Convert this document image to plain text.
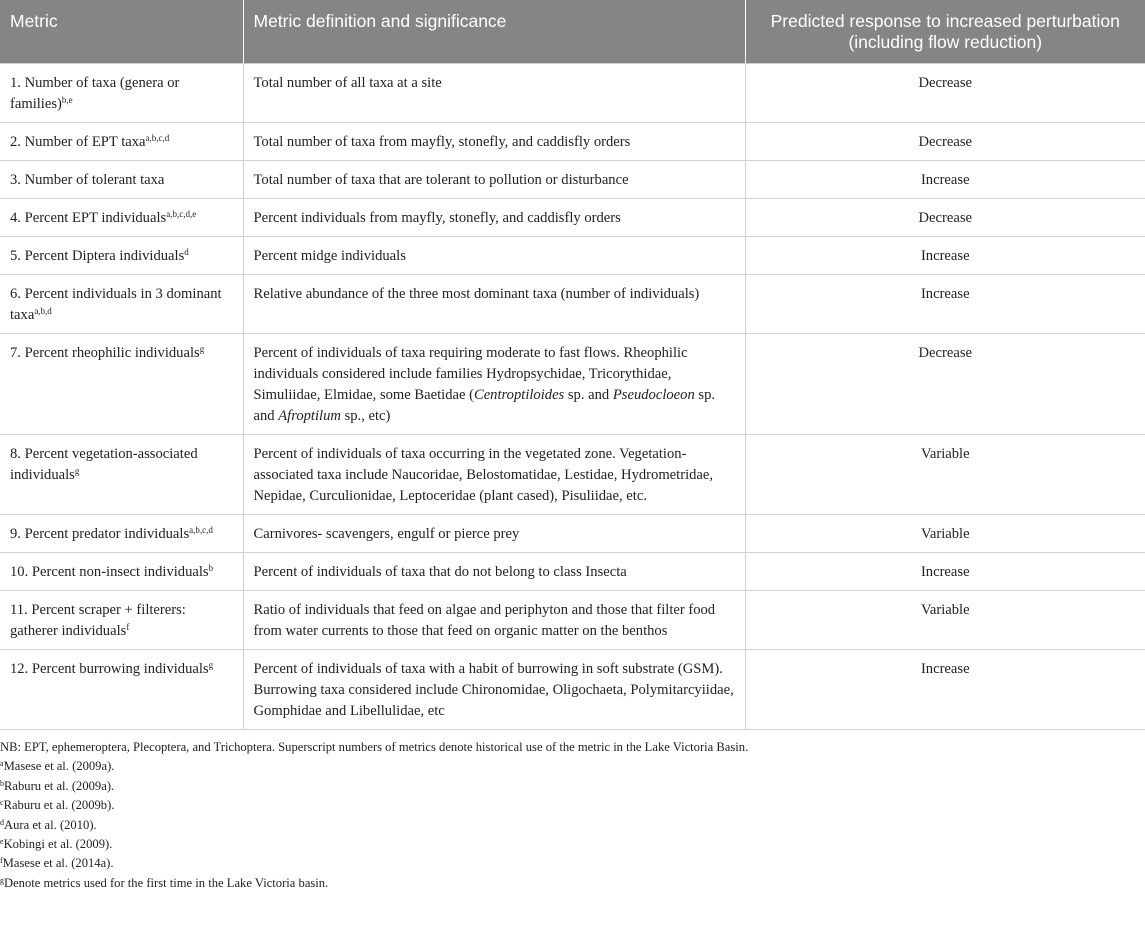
Metric	Metric definition and significance	Predicted response to increased perturbation (including flow reduction)
1. Number of taxa (genera or families)$^{b,e}$	Total number of all taxa at a site	Decrease
2. Number of EPT taxa$^{a,b,c,d}$	Total number of taxa from mayfly, stonefly, and caddisfly orders	Decrease
3. Number of tolerant taxa	Total number of taxa that are tolerant to pollution or disturbance	Increase
4. Percent EPT individuals$^{a,b,c,d,e}$	Percent individuals from mayfly, stonefly, and caddisfly orders	Decrease
5. Percent Diptera individuals$^d$	Percent midge individuals	Increase
6. Percent individuals in 3 dominant taxa$^{a,b,d}$	Relative abundance of the three most dominant taxa (number of individuals)	Increase
7. Percent rheophilic individuals$^g$	Percent of individuals of taxa requiring moderate to fast flows. Rheophilic individuals considered include families Hydropsychidae, Tricorythidae, Simuliidae, Elmidae, some Baetidae (Centroptiloides sp. and Pseudocloeon sp. and Afroptilum sp., etc)	Decrease
8. Percent vegetation-associated individuals$^g$	Percent of individuals of taxa occurring in the vegetated zone. Vegetation-associated taxa include Naucoridae, Belostomatidae, Lestidae, Hydrometridae, Nepidae, Curculionidae, Leptoceridae (plant cased), Pisuliidae, etc.	Variable
9. Percent predator individuals$^{a,b,c,d}$	Carnivores- scavengers, engulf or pierce prey	Variable
10. Percent non-insect individuals$^b$	Percent of individuals of taxa that do not belong to class Insecta	Increase
11. Percent scraper + filterers: gatherer individuals$^f$	Ratio of individuals that feed on algae and periphyton and those that filter food from water currents to those that feed on organic matter on the benthos	Variable
12. Percent burrowing individuals$^g$	Percent of individuals of taxa with a habit of burrowing in soft substrate (GSM). Burrowing taxa considered include Chironomidae, Oligochaeta, Polymitarcyiidae, Gomphidae and Libellulidae, etc	Increase
NB: EPT, ephemeroptera, Plecoptera, and Trichoptera. Superscript numbers of metrics denote historical use of the metric in the Lake Victoria Basin.
$^a$Masese et al. (2009a).
$^b$Raburu et al. (2009a).
$^c$Raburu et al. (2009b).
$^d$Aura et al. (2010).
$^e$Kobingi et al. (2009).
$^f$Masese et al. (2014a).
$^g$Denote metrics used for the first time in the Lake Victoria basin.
